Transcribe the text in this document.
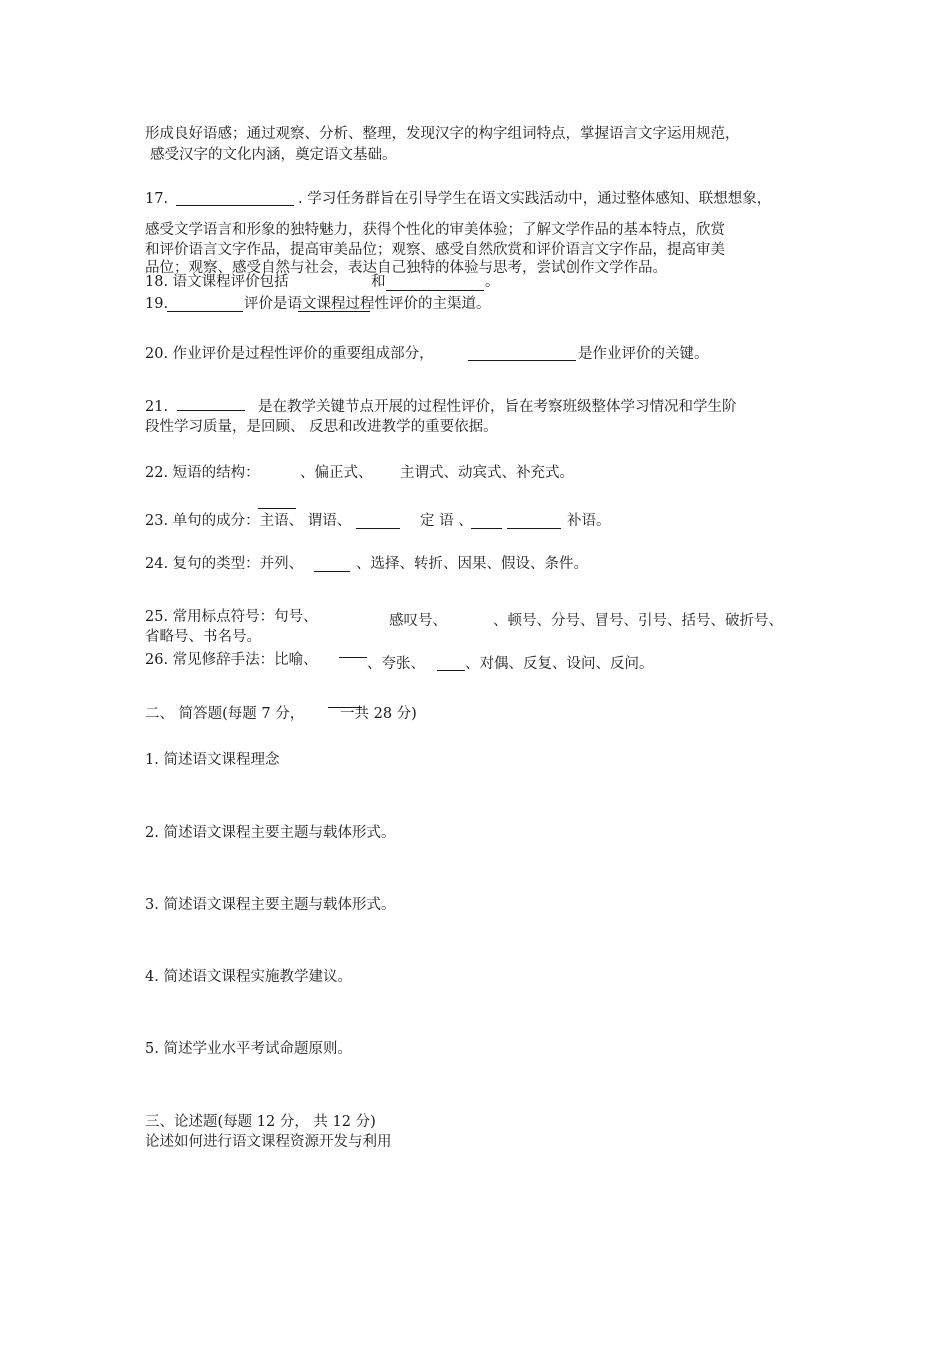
形成良好语感；通过观察、分析、整理，发现汉字的构字组词特点，掌握语言文字运用规范，
感受汉字的文化内涵，奠定语文基础。
17.	. 学习任务群旨在引导学生在语文实践活动中，通过整体感知、联想想象，
感受文学语言和形象的独特魅力，获得个性化的审美体验；了解文学作品的基本特点，欣赏
和评价语言文字作品，提高审美品位；观察、感受自然欣赏和评价语言文字作品，提高审美
品位；观察、感受自然与社会，表达自己独特的体验与思考，尝试创作文学作品。
18. 语文课程评价包括	和	。
19.	评价是语文课程过程性评价的主渠道。
20. 作业评价是过程性评价的重要组成部分，	是作业评价的关键。
21.	是在教学关键节点开展的过程性评价，旨在考察班级整体学习情况和学生阶
段性学习质量，是回顾、 反思和改进教学的重要依据。
22. 短语的结构：	、偏正式、 主谓式、动宾式、补充式。
23. 单句的成分：主语、 谓语、	定 语 、	补语。
24. 复句的类型：并列、	、选择、转折、因果、假设、条件。
25. 常用标点符号：句号、	感叹号、	、顿号、分号、冒号、引号、括号、破折号、
省略号、书名号。
26. 常见修辞手法：比喻、	、夸张、	、对偶、反复、设问、反问。
二、 简答题(每题 7 分， 一共 28 分)
1. 简述语文课程理念
2. 简述语文课程主要主题与载体形式。
3. 简述语文课程主要主题与载体形式。
4. 简述语文课程实施教学建议。
5. 简述学业水平考试命题原则。
三、论述题(每题 12 分， 共 12 分)
论述如何进行语文课程资源开发与利用
